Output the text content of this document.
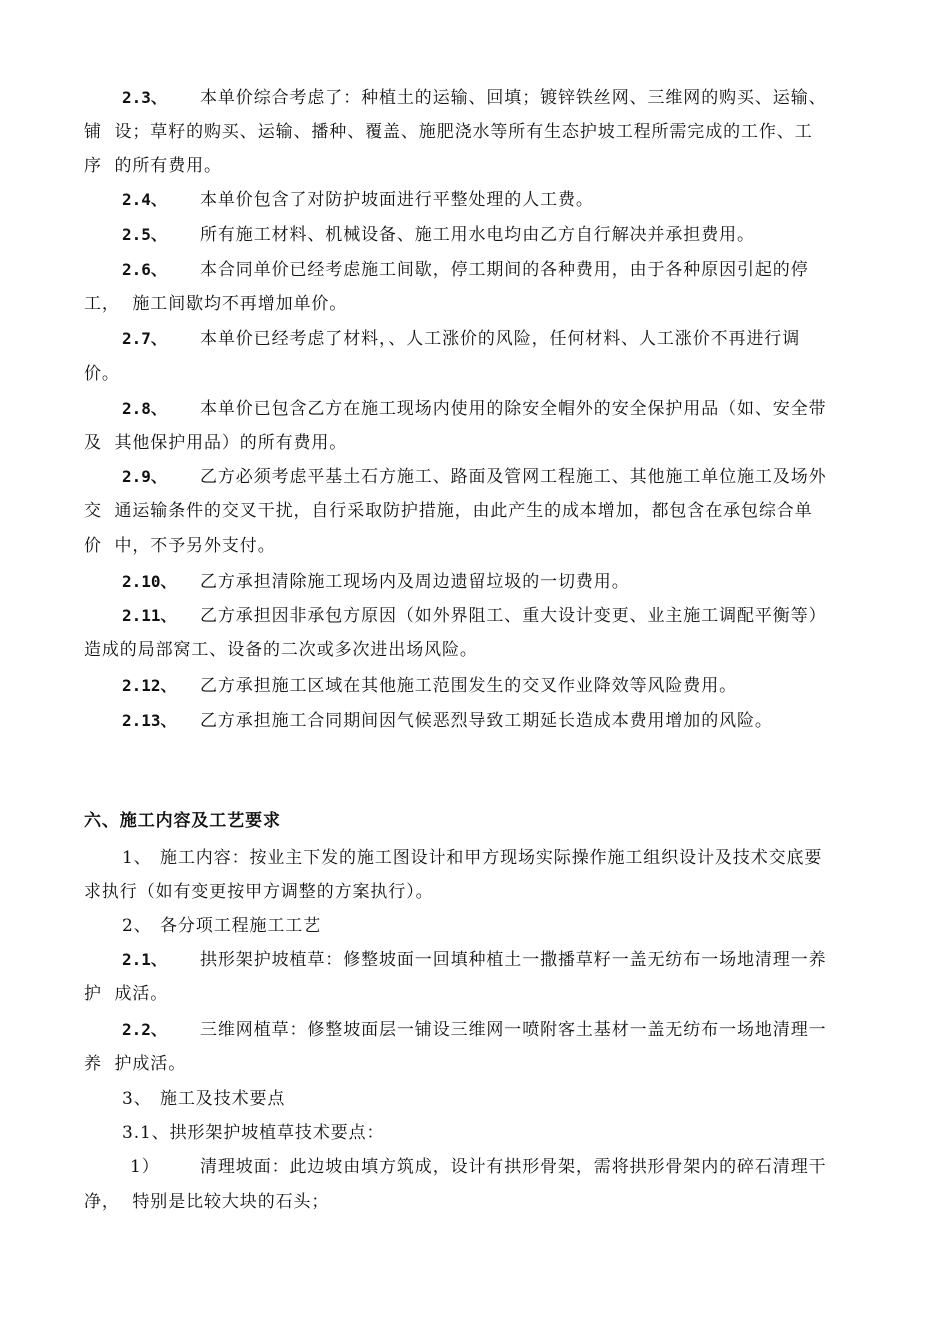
2.3、 本单价综合考虑了：种植土的运输、回填；镀锌铁丝网、三维网的购买、运输、
铺  设；草籽的购买、运输、播种、覆盖、施肥浇水等所有生态护坡工程所需完成的工作、工
序  的所有费用。
2.4、 本单价包含了对防护坡面进行平整处理的人工费。
2.5、 所有施工材料、机械设备、施工用水电均由乙方自行解决并承担费用。
2.6、 本合同单价已经考虑施工间歇，停工期间的各种费用，由于各种原因引起的停
工，  施工间歇均不再增加单价。
2.7、 本单价已经考虑了材料，、人工涨价的风险，任何材料、人工涨价不再进行调
价。
2.8、 本单价已包含乙方在施工现场内使用的除安全帽外的安全保护用品（如、安全带
及  其他保护用品）的所有费用。
2.9、 乙方必须考虑平基土石方施工、路面及管网工程施工、其他施工单位施工及场外
交  通运输条件的交叉干扰，自行采取防护措施，由此产生的成本增加，都包含在承包综合单
价  中，不予另外支付。
2.10、 乙方承担清除施工现场内及周边遗留垃圾的一切费用。
2.11、 乙方承担因非承包方原因（如外界阻工、重大设计变更、业主施工调配平衡等）
造成的局部窝工、设备的二次或多次进出场风险。
2.12、 乙方承担施工区域在其他施工范围发生的交叉作业降效等风险费用。
2.13、 乙方承担施工合同期间因气候恶烈导致工期延长造成本费用增加的风险。
六、施工内容及工艺要求
1、 施工内容：按业主下发的施工图设计和甲方现场实际操作施工组织设计及技术交底要
求执行（如有变更按甲方调整的方案执行）。
2、 各分项工程施工工艺
2.1、 拱形架护坡植草：修整坡面一回填种植土一撒播草籽一盖无纺布一场地清理一养
护  成活。
2.2、 三维网植草：修整坡面层一铺设三维网一喷附客土基材一盖无纺布一场地清理一
养  护成活。
3、 施工及技术要点
3.1、拱形架护坡植草技术要点：
1） 清理坡面：此边坡由填方筑成，设计有拱形骨架，需将拱形骨架内的碎石清理干
净，  特别是比较大块的石头；
